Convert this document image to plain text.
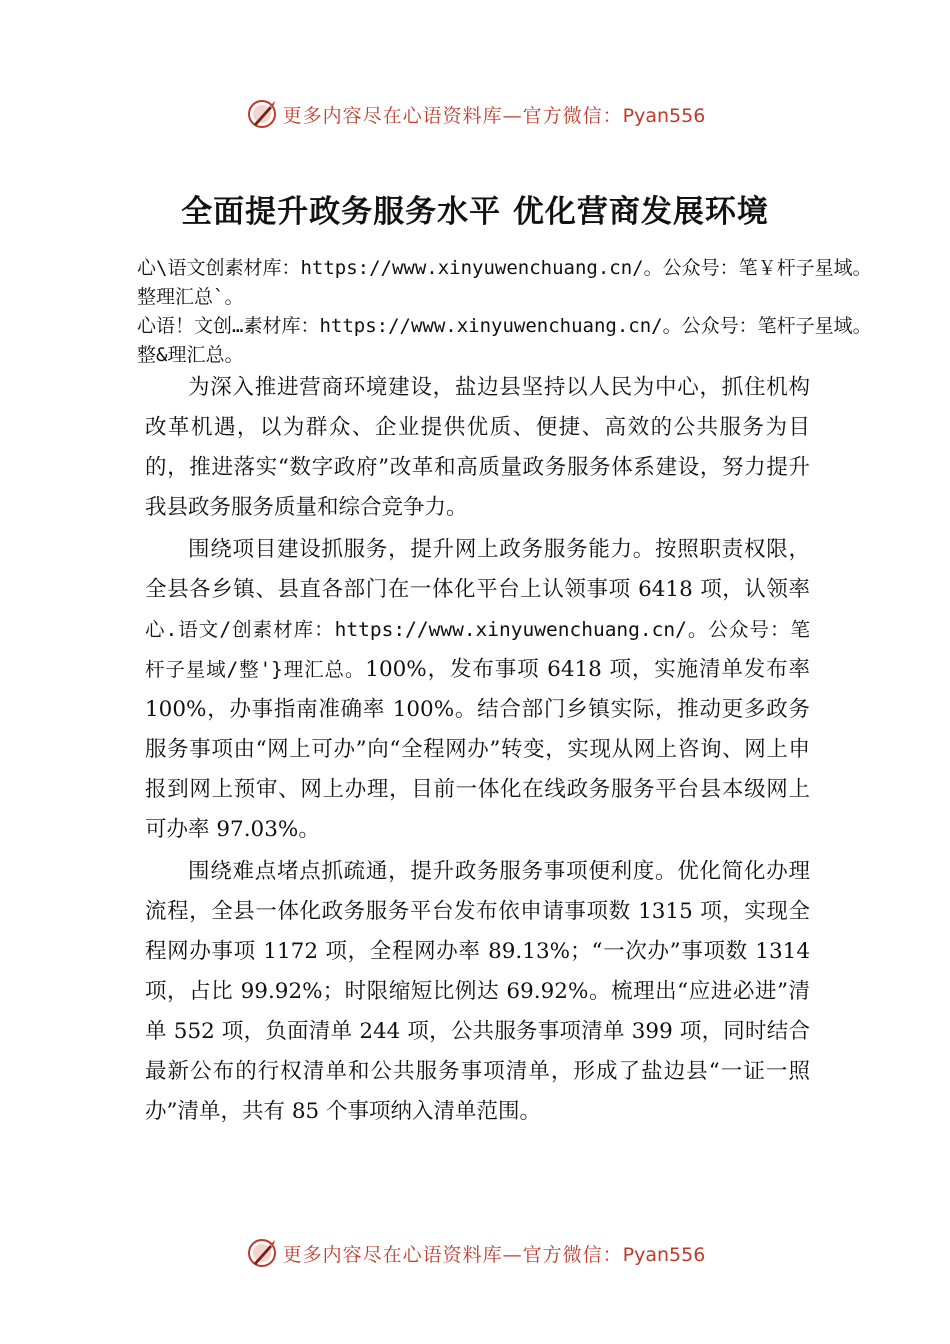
更多内容尽在心语资料库—官方微信：Pyan556
全面提升政务服务水平 优化营商发展环境
心\语文创素材库：https://www.xinyuwenchuang.cn/。公众号：笔￥杆子星域。整理汇总`。
心语！文创…素材库：https://www.xinyuwenchuang.cn/。公众号：笔杆子星域。整&理汇总。

为深入推进营商环境建设，盐边县坚持以人民为中心，抓住机构改革机遇，以为群众、企业提供优质、便捷、高效的公共服务为目的，推进落实“数字政府”改革和高质量政务服务体系建设，努力提升我县政务服务质量和综合竞争力。

围绕项目建设抓服务，提升网上政务服务能力。按照职责权限，全县各乡镇、县直各部门在一体化平台上认领事项 6418 项，认领率 心.语文/创素材库：https://www.xinyuwenchuang.cn/。公众号：笔杆子星域/整'}理汇总。100%，发布事项 6418 项，实施清单发布率 100%，办事指南准确率 100%。结合部门乡镇实际，推动更多政务服务事项由“网上可办”向“全程网办”转变，实现从网上咨询、网上申报到网上预审、网上办理，目前一体化在线政务服务平台县本级网上可办率 97.03%。

围绕难点堵点抓疏通，提升政务服务事项便利度。优化简化办理流程，全县一体化政务服务平台发布依申请事项数 1315 项，实现全程网办事项 1172 项，全程网办率 89.13%；“一次办”事项数 1314 项，占比 99.92%；时限缩短比例达 69.92%。梳理出“应进必进”清单 552 项，负面清单 244 项，公共服务事项清单 399 项，同时结合最新公布的行权清单和公共服务事项清单，形成了盐边县“一证一照办”清单，共有 85 个事项纳入清单范围。

更多内容尽在心语资料库—官方微信：Pyan556
